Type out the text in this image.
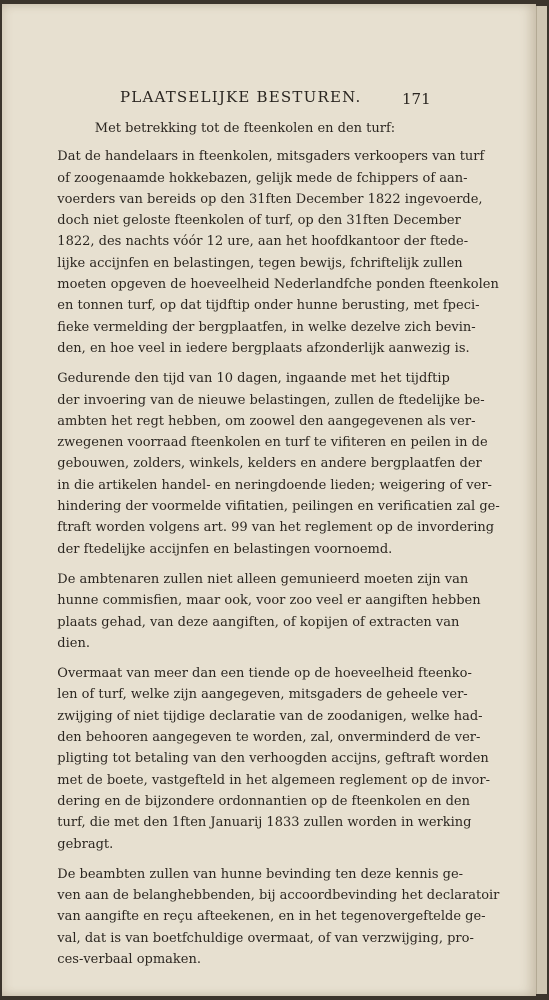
PLAATSELIJKE BESTUREN.	171
Met betrekking tot de fteenkolen en den turf:
Dat de handelaars in fteenkolen, mitsgaders verkoopers van turf
of zoogenaamde hokkebazen, gelijk mede de fchippers of aan-
voerders van bereids op den 31ften December 1822 ingevoerde,
doch niet geloste fteenkolen of turf, op den 31ften December
1822, des nachts vóór 12 ure, aan het hoofdkantoor der ftede-
lijke accijnfen en belastingen, tegen bewijs, fchriftelijk zullen
moeten opgeven de hoeveelheid Nederlandfche ponden fteenkolen
en tonnen turf, op dat tijdftip onder hunne berusting, met fpeci-
fieke vermelding der bergplaatfen, in welke dezelve zich bevin-
den, en hoe veel in iedere bergplaats afzonderlijk aanwezig is.
Gedurende den tijd van 10 dagen, ingaande met het tijdftip
der invoering van de nieuwe belastingen, zullen de ftedelijke be-
ambten het regt hebben, om zoowel den aangegevenen als ver-
zwegenen voorraad fteenkolen en turf te vifiteren en peilen in de
gebouwen, zolders, winkels, kelders en andere bergplaatfen der
in die artikelen handel- en neringdoende lieden; weigering of ver-
hindering der voormelde vifitatien, peilingen en verificatien zal ge-
ftraft worden volgens art. 99 van het reglement op de invordering
der ftedelijke accijnfen en belastingen voornoemd.
De ambtenaren zullen niet alleen gemunieerd moeten zijn van
hunne commisfien, maar ook, voor zoo veel er aangiften hebben
plaats gehad, van deze aangiften, of kopijen of extracten van
dien.
Overmaat van meer dan een tiende op de hoeveelheid fteenko-
len of turf, welke zijn aangegeven, mitsgaders de geheele ver-
zwijging of niet tijdige declaratie van de zoodanigen, welke had-
den behooren aangegeven te worden, zal, onverminderd de ver-
pligting tot betaling van den verhoogden accijns, geftraft worden
met de boete, vastgefteld in het algemeen reglement op de invor-
dering en de bijzondere ordonnantien op de fteenkolen en den
turf, die met den 1ften Januarij 1833 zullen worden in werking
gebragt.
De beambten zullen van hunne bevinding ten deze kennis ge-
ven aan de belanghebbenden, bij accoordbevinding het declaratoir
van aangifte en reçu afteekenen, en in het tegenovergeftelde ge-
val, dat is van boetfchuldige overmaat, of van verzwijging, pro-
ces-verbaal opmaken.
